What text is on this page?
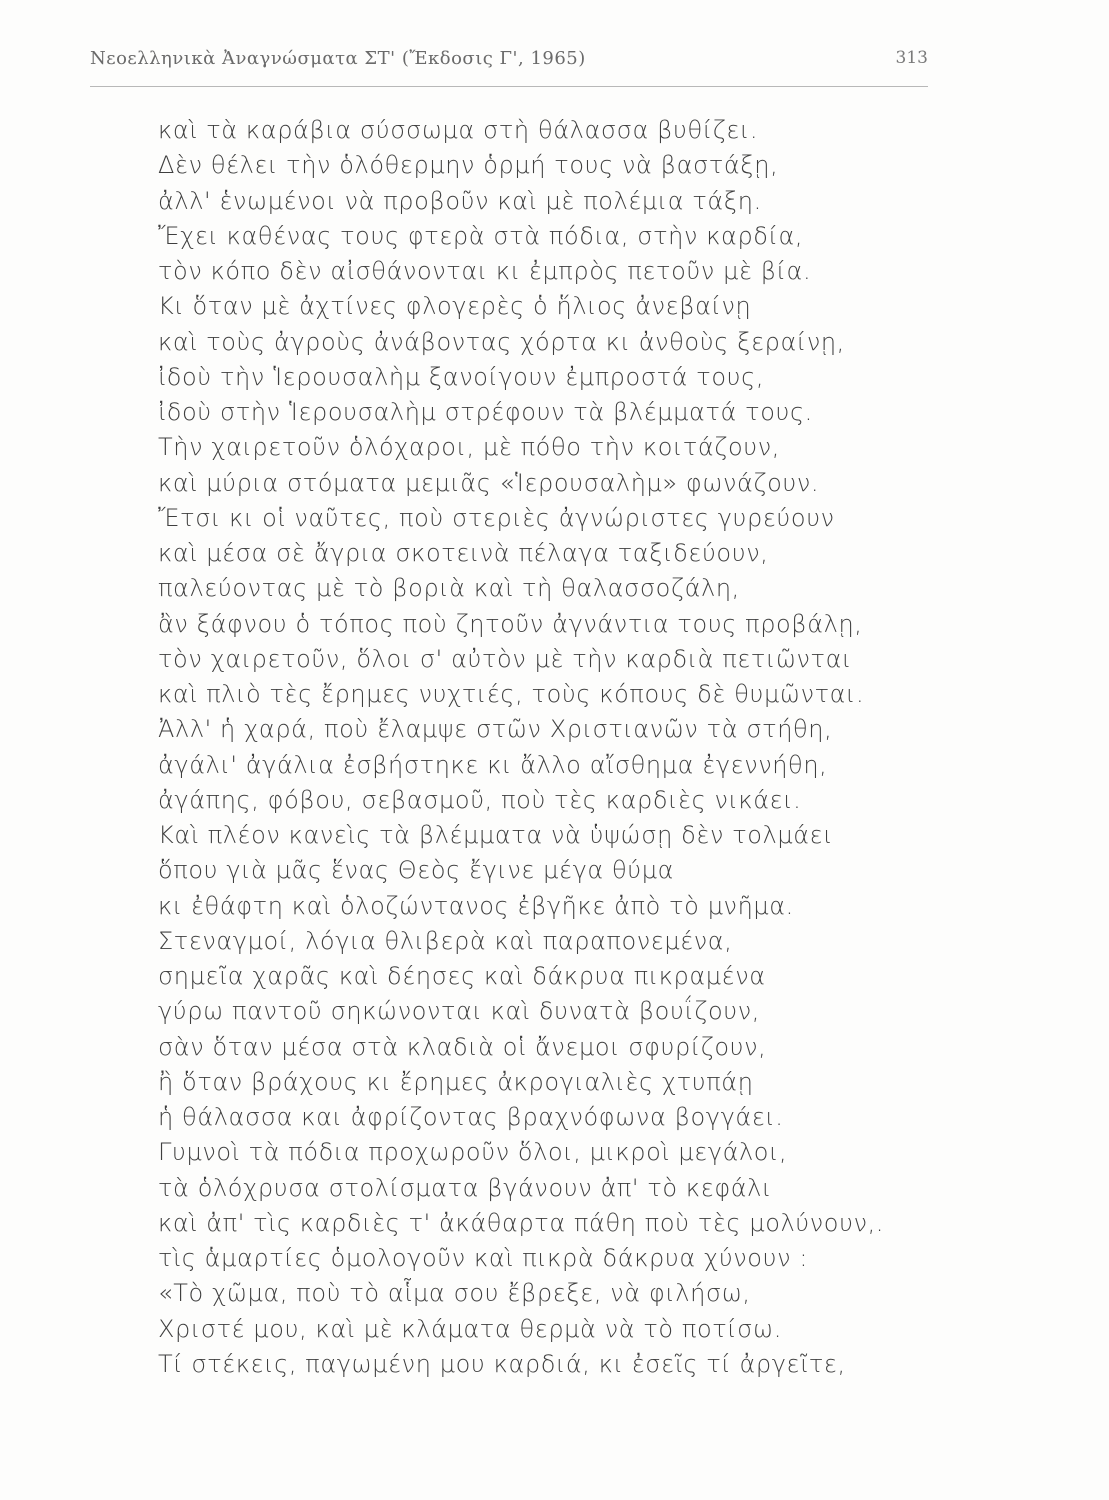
Νεοελληνικὰ Ἀναγνώσματα ΣΤ' (Ἔκδοσις Γ', 1965)	313
καὶ τὰ καράβια σύσσωμα στὴ θάλασσα βυθίζει.
Δὲν θέλει τὴν ὁλόθερμην ὁρμή τους νὰ βαστάξῃ,
ἀλλ' ἑνωμένοι νὰ προβοῦν καὶ μὲ πολέμια τάξη.
Ἔχει καθένας τους φτερὰ στὰ πόδια, στὴν καρδία,
τὸν κόπο δὲν αἰσθάνονται κι ἐμπρὸς πετοῦν μὲ βία.
Κι ὅταν μὲ ἀχτίνες φλογερὲς ὁ ἥλιος ἀνεβαίνῃ
καὶ τοὺς ἀγροὺς ἀνάβοντας χόρτα κι ἀνθοὺς ξεραίνῃ,
ἰδοὺ τὴν Ἱερουσαλὴμ ξανοίγουν ἐμπροστά τους,
ἰδοὺ στὴν Ἱερουσαλὴμ στρέφουν τὰ βλέμματά τους.
Τὴν χαιρετοῦν ὁλόχαροι, μὲ πόθο τὴν κοιτάζουν,
καὶ μύρια στόματα μεμιᾶς «Ἱερουσαλὴμ» φωνάζουν.
Ἔτσι κι οἱ ναῦτες, ποὺ στεριὲς ἀγνώριστες γυρεύουν
καὶ μέσα σὲ ἄγρια σκοτεινὰ πέλαγα ταξιδεύουν,
παλεύοντας μὲ τὸ βοριὰ καὶ τὴ θαλασσοζάλη,
ἂν ξάφνου ὁ τόπος ποὺ ζητοῦν ἀγνάντια τους προβάλῃ,
τὸν χαιρετοῦν, ὅλοι σ' αὐτὸν μὲ τὴν καρδιὰ πετιῶνται
καὶ πλιὸ τὲς ἔρημες νυχτιές, τοὺς κόπους δὲ θυμῶνται.
Ἀλλ' ἡ χαρά, ποὺ ἔλαμψε στῶν Χριστιανῶν τὰ στήθη,
ἀγάλι' ἀγάλια ἐσβήστηκε κι ἄλλο αἴσθημα ἐγεννήθη,
ἀγάπης, φόβου, σεβασμοῦ, ποὺ τὲς καρδιὲς νικάει.
Καὶ πλέον κανεὶς τὰ βλέμματα νὰ ὑψώσῃ δὲν τολμάει
ὅπου γιὰ μᾶς ἕνας Θεὸς ἔγινε μέγα θύμα
κι ἐθάφτη καὶ ὁλοζώντανος ἐβγῆκε ἀπὸ τὸ μνῆμα.
Στεναγμοί, λόγια θλιβερὰ καὶ παραπονεμένα,
σημεῖα χαρᾶς καὶ δέησες καὶ δάκρυα πικραμένα
γύρω παντοῦ σηκώνονται καὶ δυνατὰ βουΐζουν,
σὰν ὅταν μέσα στὰ κλαδιὰ οἱ ἄνεμοι σφυρίζουν,
ἢ ὅταν βράχους κι ἔρημες ἀκρογιαλιὲς χτυπάῃ
ἡ θάλασσα και ἀφρίζοντας βραχνόφωνα βογγάει.
Γυμνοὶ τὰ πόδια προχωροῦν ὅλοι, μικροὶ μεγάλοι,
τὰ ὁλόχρυσα στολίσματα βγάνουν ἀπ' τὸ κεφάλι
καὶ ἀπ' τὶς καρδιὲς τ' ἀκάθαρτα πάθη ποὺ τὲς μολύνουν,.
τὶς ἁμαρτίες ὁμολογοῦν καὶ πικρὰ δάκρυα χύνουν :
«Τὸ χῶμα, ποὺ τὸ αἷμα σου ἔβρεξε, νὰ φιλήσω,
Χριστέ μου, καὶ μὲ κλάματα θερμὰ νὰ τὸ ποτίσω.
Τί στέκεις, παγωμένη μου καρδιά, κι ἐσεῖς τί ἀργεῖτε,
